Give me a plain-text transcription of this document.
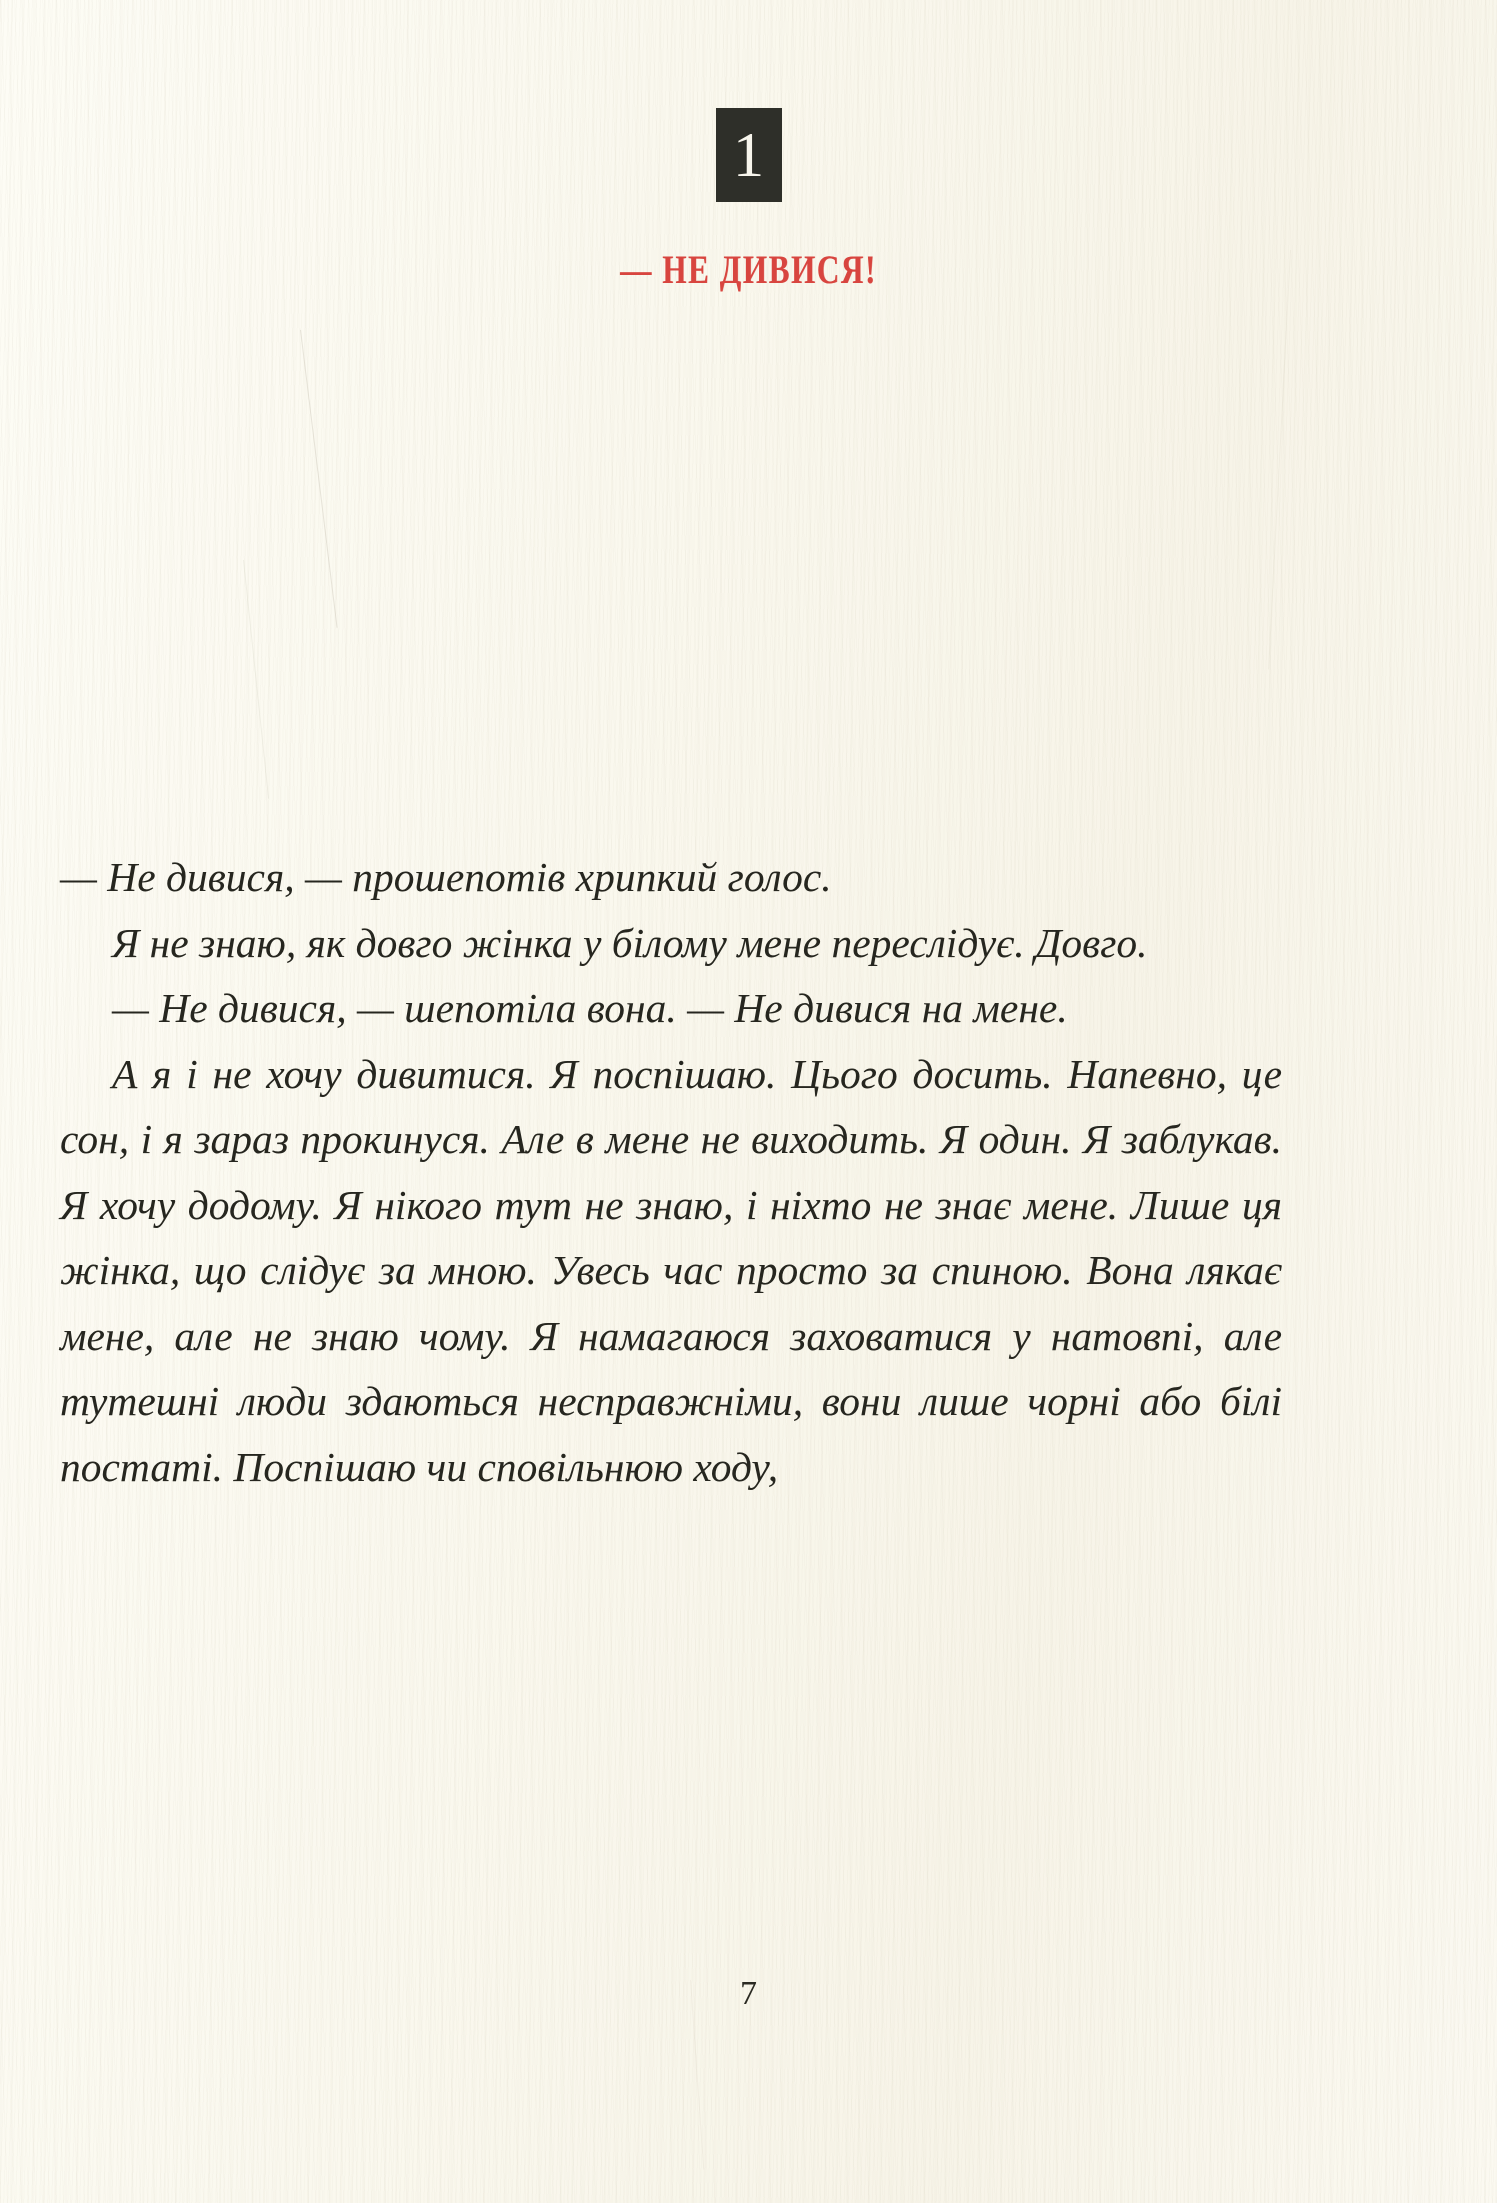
1
— НЕ ДИВИСЯ!

— Не дивися, — прошепотів хрипкий голос.

Я не знаю, як довго жінка у білому мене переслідує. Довго.

— Не дивися, — шепотіла вона. — Не дивися на мене.

А я і не хочу дивитися. Я поспішаю. Цього досить. Напевно, це сон, і я зараз прокинуся. Але в мене не виходить. Я один. Я заблукав. Я хочу додому. Я нікого тут не знаю, і ніхто не знає мене. Лише ця жінка, що слідує за мною. Увесь час просто за спиною. Вона лякає мене, але не знаю чому. Я намагаюся заховатися у натовпі, але тутешні люди здаються несправжніми, вони лише чорні або білі постаті. Поспішаю чи сповільнюю ходу,

7
